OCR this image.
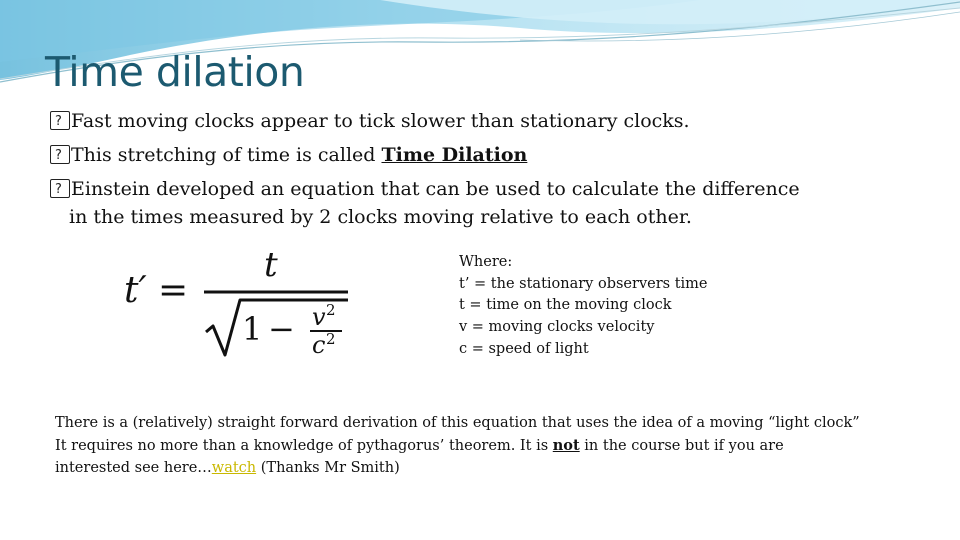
Time dilation
?Fast moving clocks appear to tick slower than stationary clocks.
?This stretching of time is called Time Dilation
?Einstein developed an equation that can be used to calculate the difference
in the times measured by 2 clocks moving relative to each other.
t′ =
t
1 − v 2
c 2
Where:
t’ = the stationary observers time
t = time on the moving clock
v = moving clocks velocity
c = speed of light
There is a (relatively) straight forward derivation of this equation that uses the idea of a moving “light clock” It requires no more than a knowledge of pythagorus’ theorem. It is not in the course but if you are interested see here…watch (Thanks Mr Smith)
